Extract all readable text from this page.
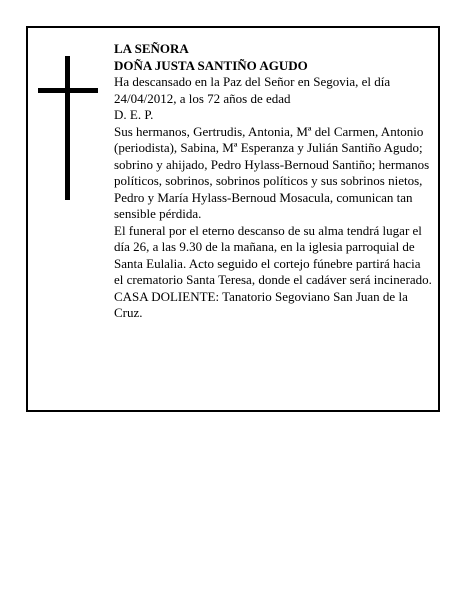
LA SEÑORA

DOÑA JUSTA SANTIÑO AGUDO

Ha descansado en la Paz del Señor en Segovia, el día 24/04/2012, a los 72 años de edad

D. E. P.

Sus hermanos, Gertrudis, Antonia, Mª del Carmen, Antonio (periodista), Sabina, Mª Esperanza y Julián Santiño Agudo; sobrino y ahijado, Pedro Hylass-Bernoud Santiño; hermanos políticos, sobrinos, sobrinos políticos y sus sobrinos nietos, Pedro y María Hylass-Bernoud Mosacula, comunican tan sensible pérdida.

El funeral por el eterno descanso de su alma tendrá lugar el día 26, a las 9.30 de la mañana, en la iglesia parroquial de Santa Eulalia. Acto seguido el cortejo fúnebre partirá hacia el crematorio Santa Teresa, donde el cadáver será incinerado.

CASA DOLIENTE: Tanatorio Segoviano San Juan de la Cruz.
